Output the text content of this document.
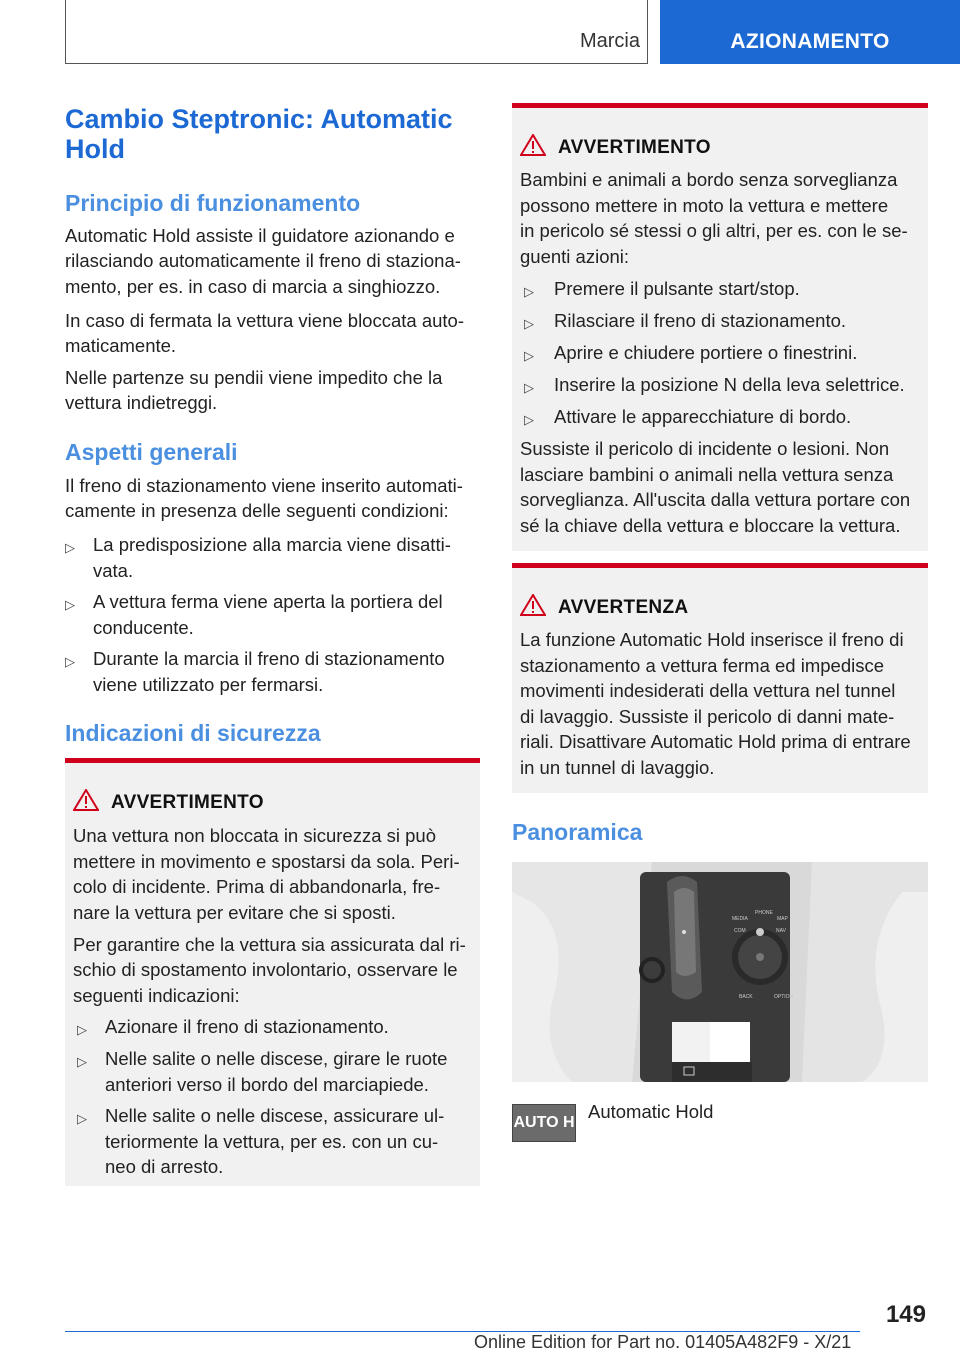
Marcia	AZIONAMENTO
Cambio Steptronic: Automatic
Hold
Principio di funzionamento

Automatic Hold assiste il guidatore azionando e

rilasciando automaticamente il freno di staziona-

mento, per es. in caso di marcia a singhiozzo.

In caso di fermata la vettura viene bloccata auto-

maticamente.

Nelle partenze su pendii viene impedito che la

vettura indietreggi.

Aspetti generali

Il freno di stazionamento viene inserito automati-

camente in presenza delle seguenti condizioni:

▷ La predisposizione alla marcia viene disatti-
vata.
▷ A vettura ferma viene aperta la portiera del
conducente.
▷ Durante la marcia il freno di stazionamento
viene utilizzato per fermarsi.
Indicazioni di sicurezza
AVVERTIMENTO

Una vettura non bloccata in sicurezza si può

mettere in movimento e spostarsi da sola. Peri-

colo di incidente. Prima di abbandonarla, fre-

nare la vettura per evitare che si sposti.

Per garantire che la vettura sia assicurata dal ri-

schio di spostamento involontario, osservare le

seguenti indicazioni:

▷ Azionare il freno di stazionamento.
▷ Nelle salite o nelle discese, girare le ruote
anteriori verso il bordo del marciapiede.
▷ Nelle salite o nelle discese, assicurare ul-
teriormente la vettura, per es. con un cu-
neo di arresto.
AVVERTIMENTO

Bambini e animali a bordo senza sorveglianza

possono mettere in moto la vettura e mettere

in pericolo sé stessi o gli altri, per es. con le se-

guenti azioni:

▷	Premere il pulsante start/stop.
▷	Rilasciare il freno di stazionamento.
▷	Aprire e chiudere portiere o finestrini.
▷	Inserire la posizione N della leva selettrice.
▷	Attivare le apparecchiature di bordo.

Sussiste il pericolo di incidente o lesioni. Non

lasciare bambini o animali nella vettura senza

sorveglianza. All'uscita dalla vettura portare con

sé la chiave della vettura e bloccare la vettura.

AVVERTENZA

La funzione Automatic Hold inserisce il freno di

stazionamento a vettura ferma ed impedisce

movimenti indesiderati della vettura nel tunnel

di lavaggio. Sussiste il pericolo di danni mate-

riali. Disattivare Automatic Hold prima di entrare

in un tunnel di lavaggio.

Panoramica
MEDIA
PHONE
MAP
COM	NAV
BACK	OPTION
AUTO H

Automatic Hold

149
Online Edition for Part no. 01405A482F9 - X/21
